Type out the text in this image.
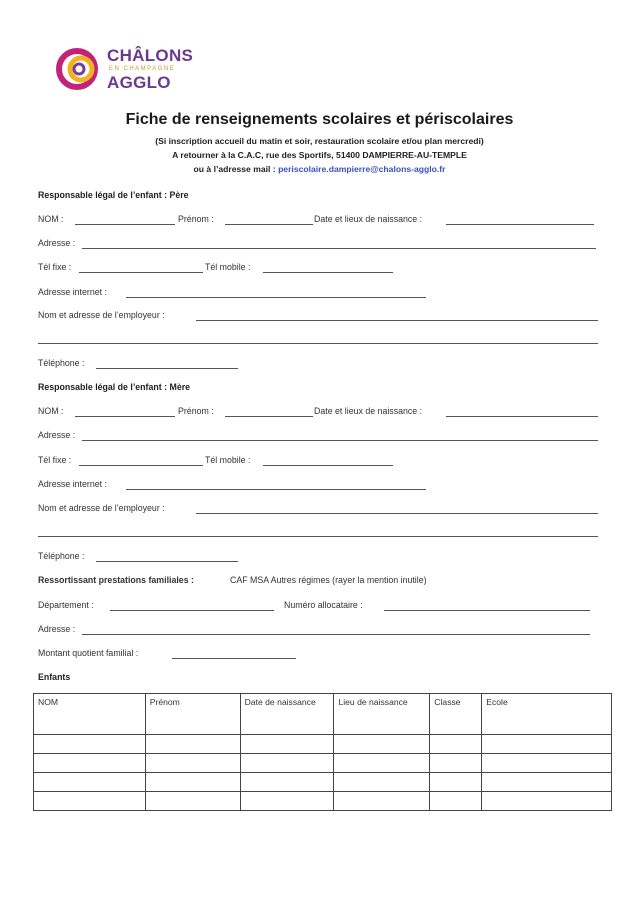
CHÂLONS
EN CHAMPAGNE
AGGLO
Fiche de renseignements scolaires et périscolaires
(Si inscription accueil du matin et soir, restauration scolaire et/ou plan mercredi)
A retourner à la C.A.C, rue des Sportifs, 51400 DAMPIERRE-AU-TEMPLE
ou à l’adresse mail : periscolaire.dampierre@chalons-agglo.fr
Responsable légal de l’enfant : Père
NOM :	Prénom :	Date et lieux de naissance :
Adresse :
Tél fixe :	Tél mobile :
Adresse internet :
Nom et adresse de l’employeur :
Téléphone :
Responsable légal de l’enfant : Mère
NOM :	Prénom :	Date et lieux de naissance :
Adresse :
Tél fixe :	Tél mobile :
Adresse internet :
Nom et adresse de l’employeur :
Téléphone :
Ressortissant prestations familiales :	CAF MSA Autres régimes (rayer la mention inutile)
Département :	Numéro allocataire :
Adresse :
Montant quotient familial :
Enfants
NOM	Prénom	Date de naissance	Lieu de naissance	Classe	Ecole
